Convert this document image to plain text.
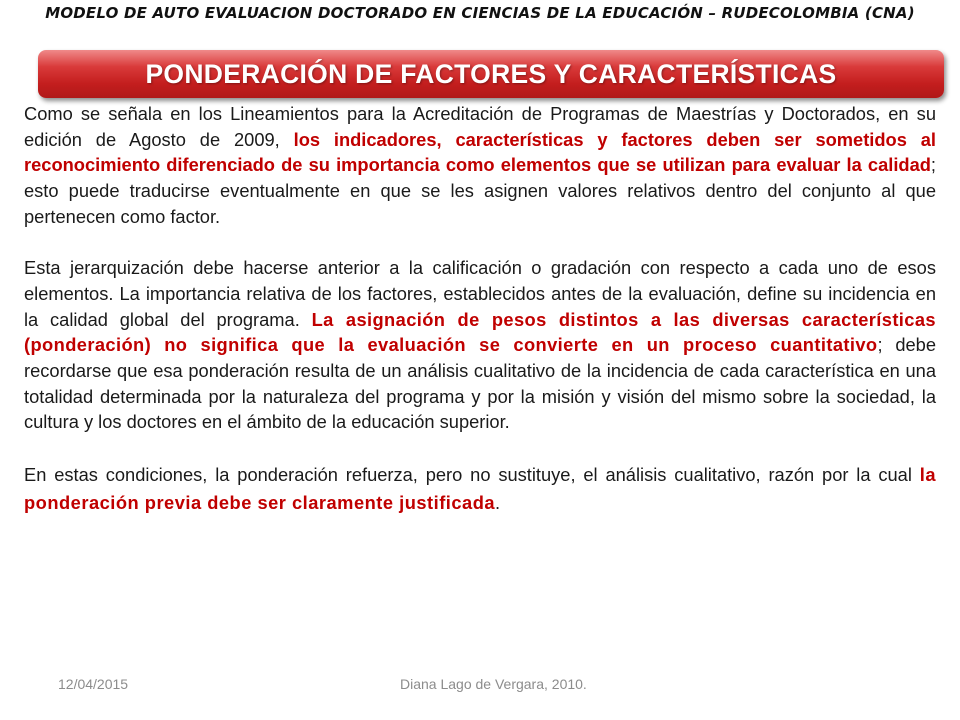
MODELO DE AUTO EVALUACION DOCTORADO EN CIENCIAS DE LA EDUCACIÓN – RUDECOLOMBIA (CNA)
PONDERACIÓN DE FACTORES Y CARACTERÍSTICAS

Como se señala en los Lineamientos para la Acreditación de Programas de Maestrías y Doctorados, en su edición de Agosto de 2009, los indicadores, características y factores deben ser sometidos al reconocimiento diferenciado de su importancia como elementos que se utilizan para evaluar la calidad; esto puede traducirse eventualmente en que se les asignen valores relativos dentro del conjunto al que pertenecen como factor.

Esta jerarquización debe hacerse anterior a la calificación o gradación con respecto a cada uno de esos elementos. La importancia relativa de los factores, establecidos antes de la evaluación, define su incidencia en la calidad global del programa. La asignación de pesos distintos a las diversas características (ponderación) no significa que la evaluación se convierte en un proceso cuantitativo; debe recordarse que esa ponderación resulta de un análisis cualitativo de la incidencia de cada característica en una totalidad determinada por la naturaleza del programa y por la misión y visión del mismo sobre la sociedad, la cultura y los doctores en el ámbito de la educación superior.

En estas condiciones, la ponderación refuerza, pero no sustituye, el análisis cualitativo, razón por la cual la ponderación previa debe ser claramente justificada.

12/04/2015	Diana Lago de Vergara, 2010.
